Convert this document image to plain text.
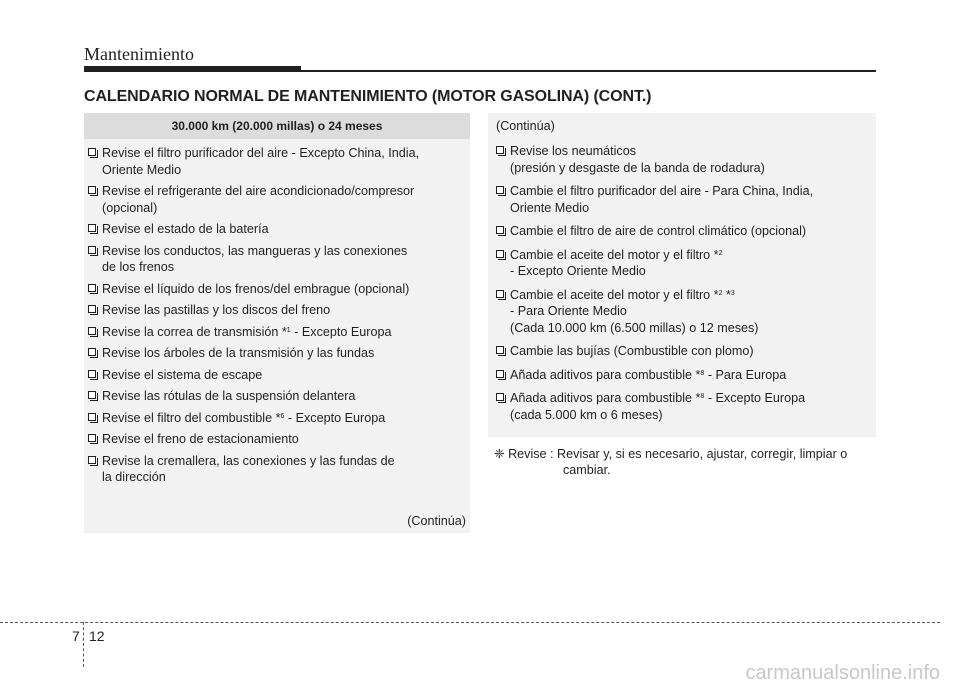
Mantenimiento
CALENDARIO NORMAL DE MANTENIMIENTO (MOTOR GASOLINA) (CONT.)
30.000 km (20.000 millas) o 24 meses
Revise el filtro purificador del aire - Excepto China, India,
Oriente Medio
Revise el refrigerante del aire acondicionado/compresor
(opcional)
Revise el estado de la batería
Revise los conductos, las mangueras y las conexiones
de los frenos
Revise el líquido de los frenos/del embrague (opcional)
Revise las pastillas y los discos del freno
Revise la correa de transmisión *$^1$ - Excepto Europa
Revise los árboles de la transmisión y las fundas
Revise el sistema de escape
Revise las rótulas de la suspensión delantera
Revise el filtro del combustible *$^6$ - Excepto Europa
Revise el freno de estacionamiento
Revise la cremallera, las conexiones y las fundas de
la dirección
(Continúa)
(Continúa)
Revise los neumáticos
(presión y desgaste de la banda de rodadura)
Cambie el filtro purificador del aire - Para China, India,
Oriente Medio
Cambie el filtro de aire de control climático (opcional)
Cambie el aceite del motor y el filtro *$^2$
- Excepto Oriente Medio
Cambie el aceite del motor y el filtro *$^2$ *$^3$
- Para Oriente Medio
(Cada 10.000 km (6.500 millas) o 12 meses)
Cambie las bujías (Combustible con plomo)
Añada aditivos para combustible *$^8$ - Para Europa
Añada aditivos para combustible *$^8$ - Excepto Europa
(cada 5.000 km o 6 meses)
❈ Revise : Revisar y, si es necesario, ajustar, corregir, limpiar o
cambiar.
7 12
carmanualsonline.info
